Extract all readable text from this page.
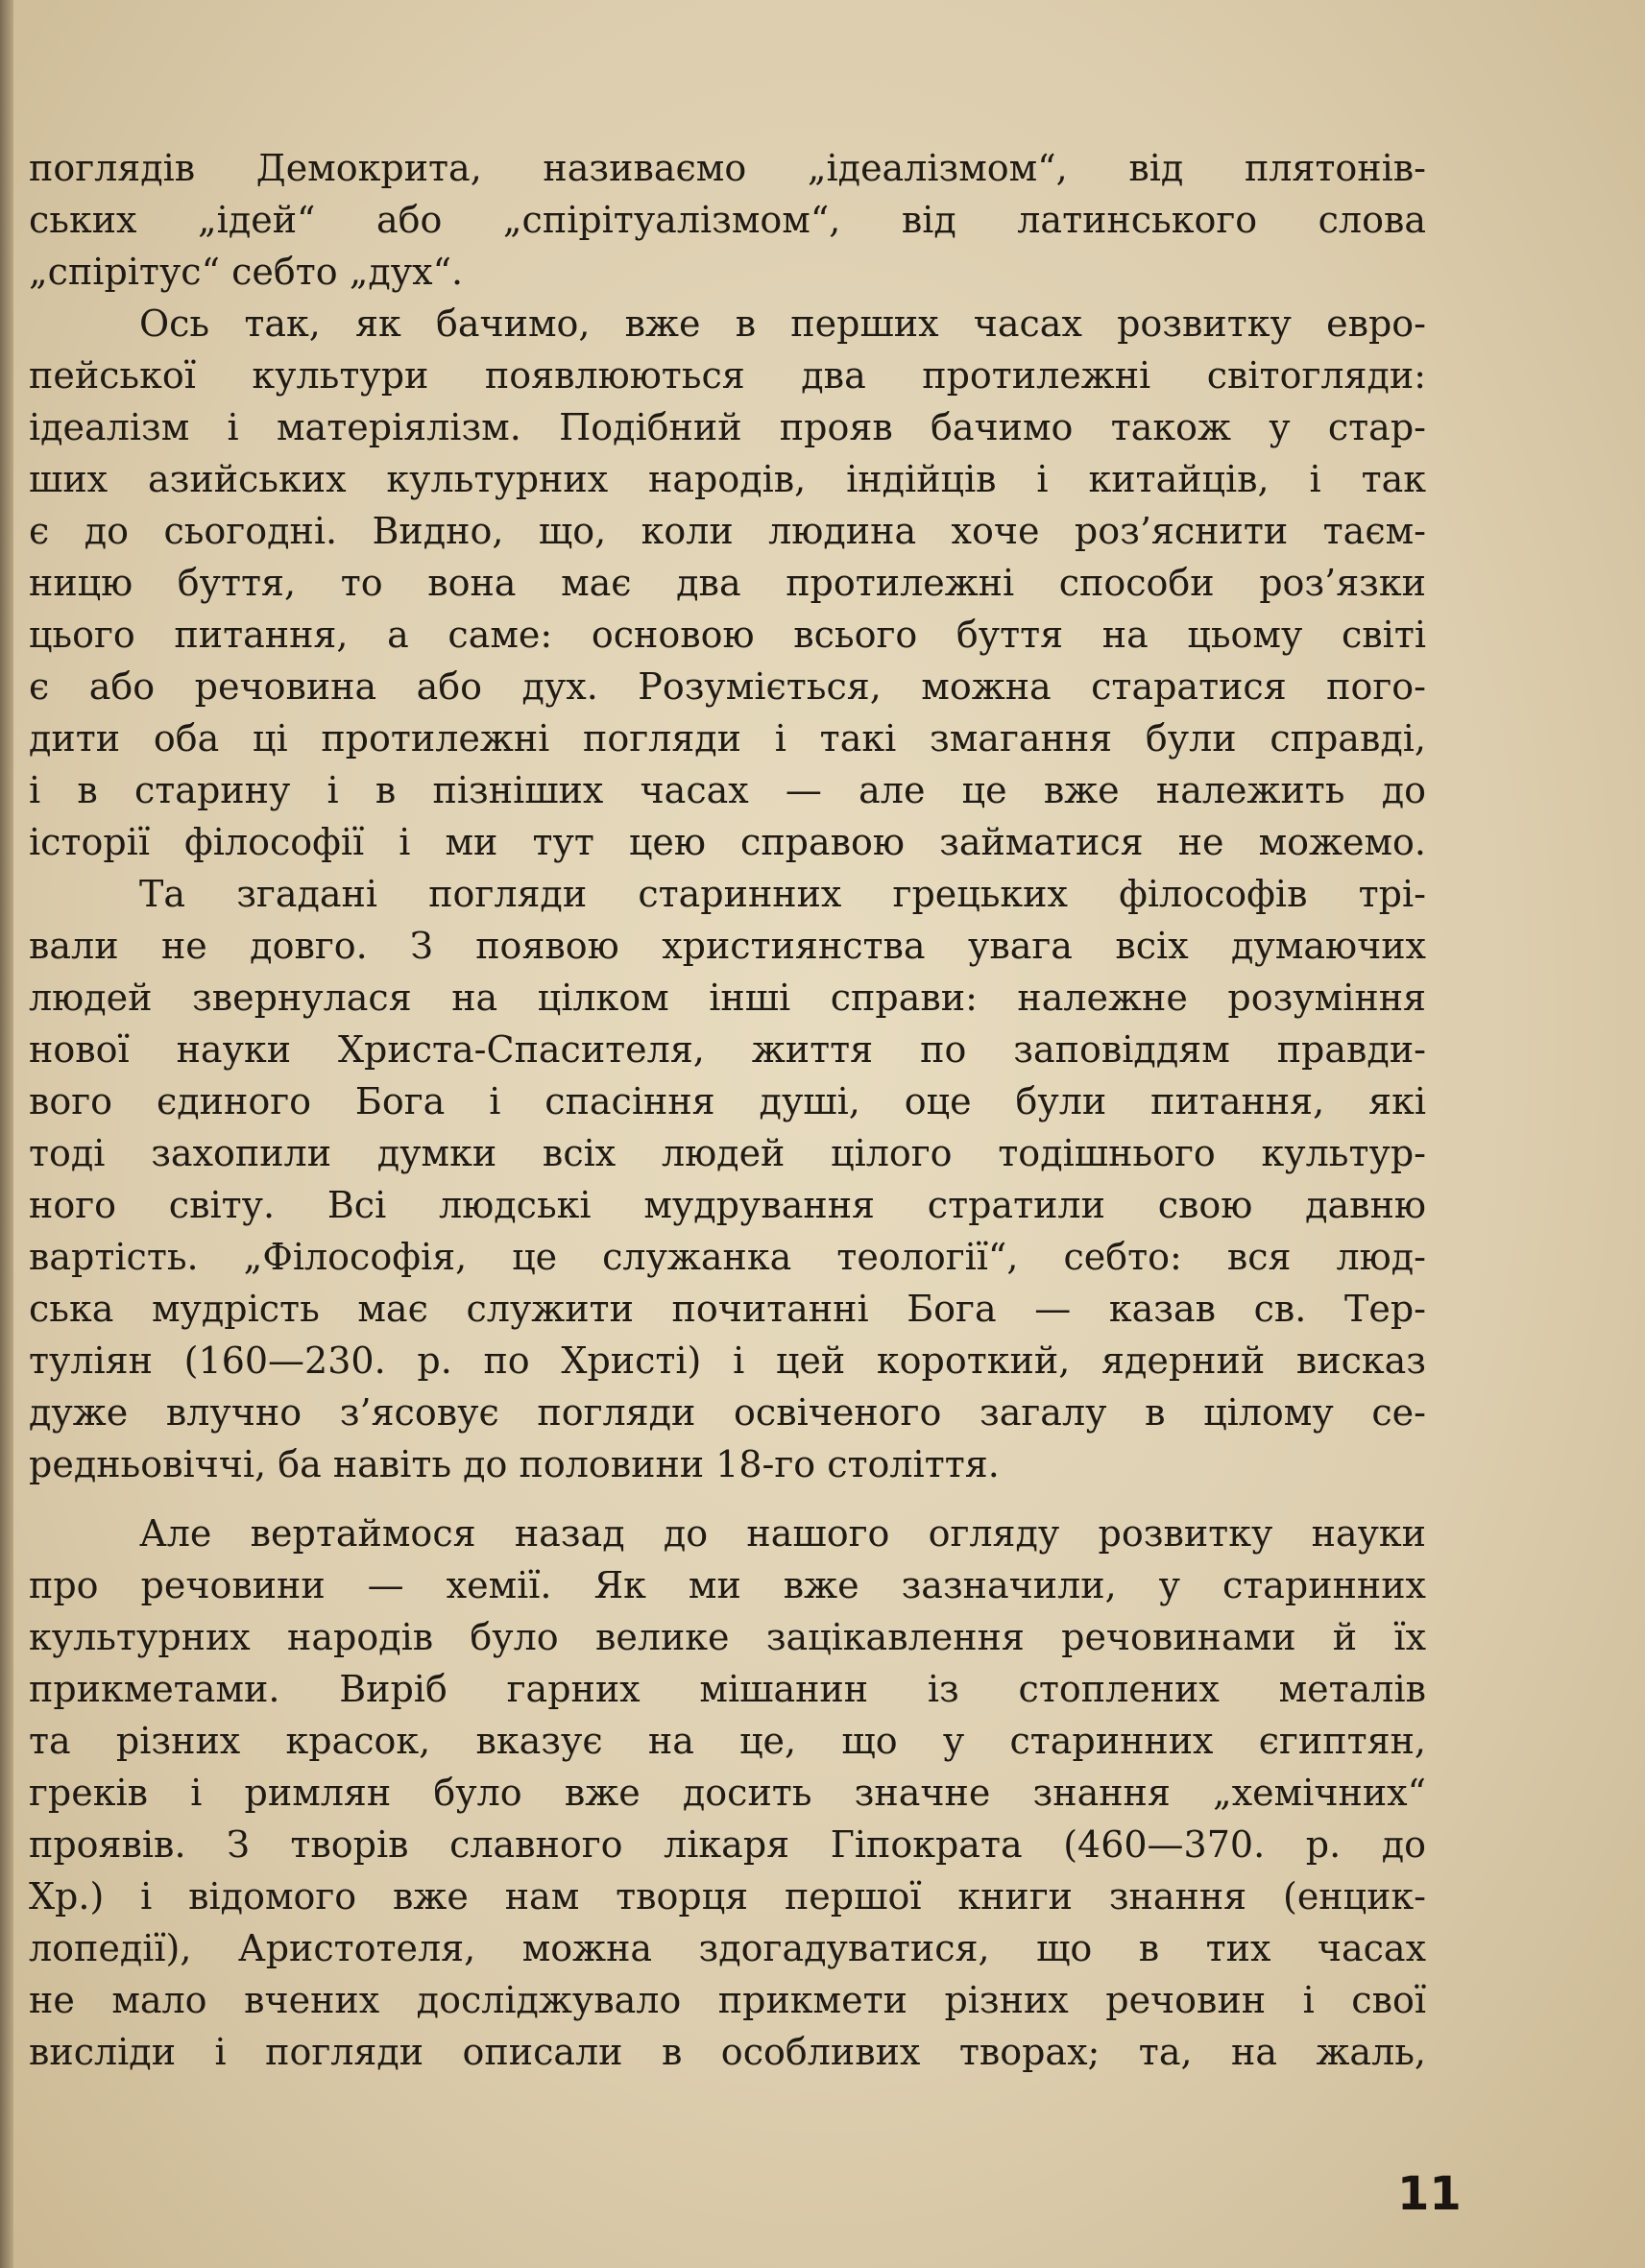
поглядів Демокрита, називаємо „ідеалізмом“, від плятонів-
ських „ідей“ або „спірітуалізмом“, від латинського слова
„спірітус“ себто „дух“.
Ось так, як бачимо, вже в перших часах розвитку евро-
пейської культури появлюються два протилежні світогляди:
ідеалізм і матеріялізм. Подібний прояв бачимо також у стар-
ших азийських культурних народів, індійців і китайців, і так
є до сьогодні. Видно, що, коли людина хоче роз’яснити таєм-
ницю буття, то вона має два протилежні способи роз’язки
цього питання, а саме: основою всього буття на цьому світі
є або речовина або дух. Розуміється, можна старатися пого-
дити оба ці протилежні погляди і такі змагання були справді,
і в старину і в пізніших часах — але це вже належить до
історії філософії і ми тут цею справою займатися не можемо.
Та згадані погляди старинних грецьких філософів трі-
вали не довго. З появою християнства увага всіх думаючих
людей звернулася на цілком інші справи: належне розуміння
нової науки Христа-Спасителя, життя по заповіддям правди-
вого єдиного Бога і спасіння душі, оце були питання, які
тоді захопили думки всіх людей цілого тодішнього культур-
ного світу. Всі людські мудрування стратили свою давню
вартість. „Філософія, це служанка теології“, себто: вся люд-
ська мудрість має служити почитанні Бога — казав св. Тер-
туліян (160—230. р. по Христі) і цей короткий, ядерний висказ
дуже влучно з’ясовує погляди освіченого загалу в цілому се-
редньовіччі, ба навіть до половини 18-го століття.
Але вертаймося назад до нашого огляду розвитку науки
про речовини — хемії. Як ми вже зазначили, у старинних
культурних народів було велике зацікавлення речовинами й їх
прикметами. Виріб гарних мішанин із стоплених металів
та різних красок, вказує на це, що у старинних єгиптян,
греків і римлян було вже досить значне знання „хемічних“
проявів. З творів славного лікаря Гіпократа (460—370. р. до
Хр.) і відомого вже нам творця першої книги знання (енцик-
лопедії), Аристотеля, можна здогадуватися, що в тих часах
не мало вчених досліджувало прикмети різних речовин і свої
висліди і погляди описали в особливих творах; та, на жаль,
11
